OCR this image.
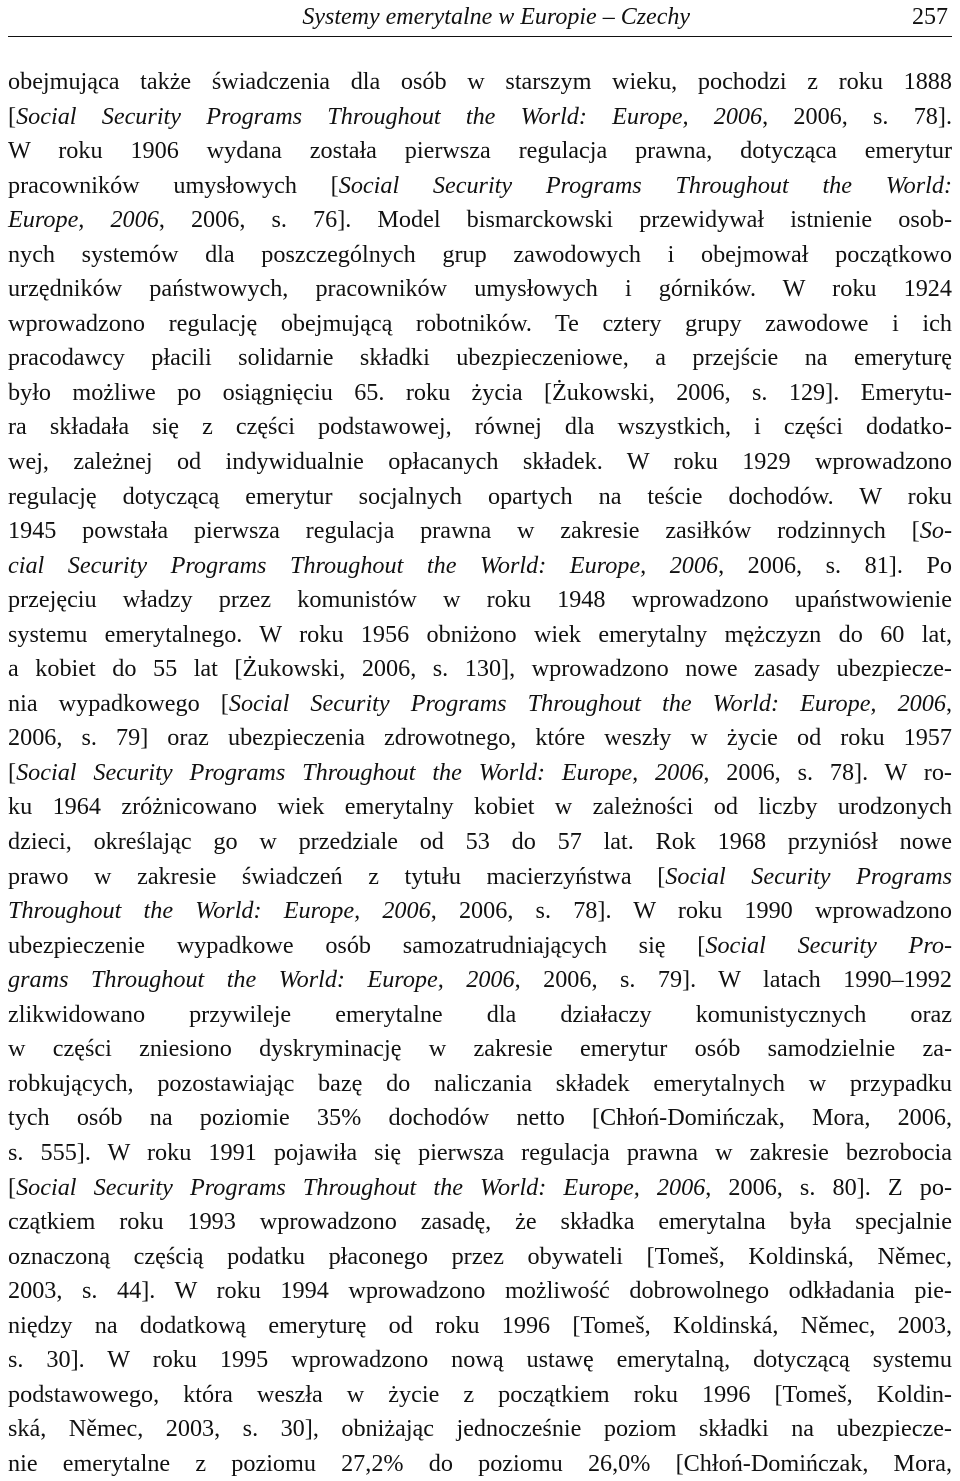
Systemy emerytalne w Europie – Czechy	257
obejmująca także świadczenia dla osób w starszym wieku, pochodzi z roku 1888
[Social Security Programs Throughout the World: Europe, 2006, 2006, s. 78].
W roku 1906 wydana została pierwsza regulacja prawna, dotycząca emerytur
pracowników umysłowych [Social Security Programs Throughout the World:
Europe, 2006, 2006, s. 76]. Model bismarckowski przewidywał istnienie osob-
nych systemów dla poszczególnych grup zawodowych i obejmował początkowo
urzędników państwowych, pracowników umysłowych i górników. W roku 1924
wprowadzono regulację obejmującą robotników. Te cztery grupy zawodowe i ich
pracodawcy płacili solidarnie składki ubezpieczeniowe, a przejście na emeryturę
było możliwe po osiągnięciu 65. roku życia [Żukowski, 2006, s. 129]. Emerytu-
ra składała się z części podstawowej, równej dla wszystkich, i części dodatko-
wej, zależnej od indywidualnie opłacanych składek. W roku 1929 wprowadzono
regulację dotyczącą emerytur socjalnych opartych na teście dochodów. W roku
1945 powstała pierwsza regulacja prawna w zakresie zasiłków rodzinnych [So-
cial Security Programs Throughout the World: Europe, 2006, 2006, s. 81]. Po
przejęciu władzy przez komunistów w roku 1948 wprowadzono upaństwowienie
systemu emerytalnego. W roku 1956 obniżono wiek emerytalny mężczyzn do 60 lat,
a kobiet do 55 lat [Żukowski, 2006, s. 130], wprowadzono nowe zasady ubezpiecze-
nia wypadkowego [Social Security Programs Throughout the World: Europe, 2006,
2006, s. 79] oraz ubezpieczenia zdrowotnego, które weszły w życie od roku 1957
[Social Security Programs Throughout the World: Europe, 2006, 2006, s. 78]. W ro-
ku 1964 zróżnicowano wiek emerytalny kobiet w zależności od liczby urodzonych
dzieci, określając go w przedziale od 53 do 57 lat. Rok 1968 przyniósł nowe
prawo w zakresie świadczeń z tytułu macierzyństwa [Social Security Programs
Throughout the World: Europe, 2006, 2006, s. 78]. W roku 1990 wprowadzono
ubezpieczenie wypadkowe osób samozatrudniających się [Social Security Pro-
grams Throughout the World: Europe, 2006, 2006, s. 79]. W latach 1990–1992
zlikwidowano przywileje emerytalne dla działaczy komunistycznych oraz
w części zniesiono dyskryminację w zakresie emerytur osób samodzielnie za-
robkujących, pozostawiając bazę do naliczania składek emerytalnych w przypadku
tych osób na poziomie 35% dochodów netto [Chłoń-Domińczak, Mora, 2006,
s. 555]. W roku 1991 pojawiła się pierwsza regulacja prawna w zakresie bezrobocia
[Social Security Programs Throughout the World: Europe, 2006, 2006, s. 80]. Z po-
czątkiem roku 1993 wprowadzono zasadę, że składka emerytalna była specjalnie
oznaczoną częścią podatku płaconego przez obywateli [Tomeš, Koldinská, Němec,
2003, s. 44]. W roku 1994 wprowadzono możliwość dobrowolnego odkładania pie-
niędzy na dodatkową emeryturę od roku 1996 [Tomeš, Koldinská, Němec, 2003,
s. 30]. W roku 1995 wprowadzono nową ustawę emerytalną, dotyczącą systemu
podstawowego, która weszła w życie z początkiem roku 1996 [Tomeš, Koldin-
ská, Němec, 2003, s. 30], obniżając jednocześnie poziom składki na ubezpiecze-
nie emerytalne z poziomu 27,2% do poziomu 26,0% [Chłoń-Domińczak, Mora,
